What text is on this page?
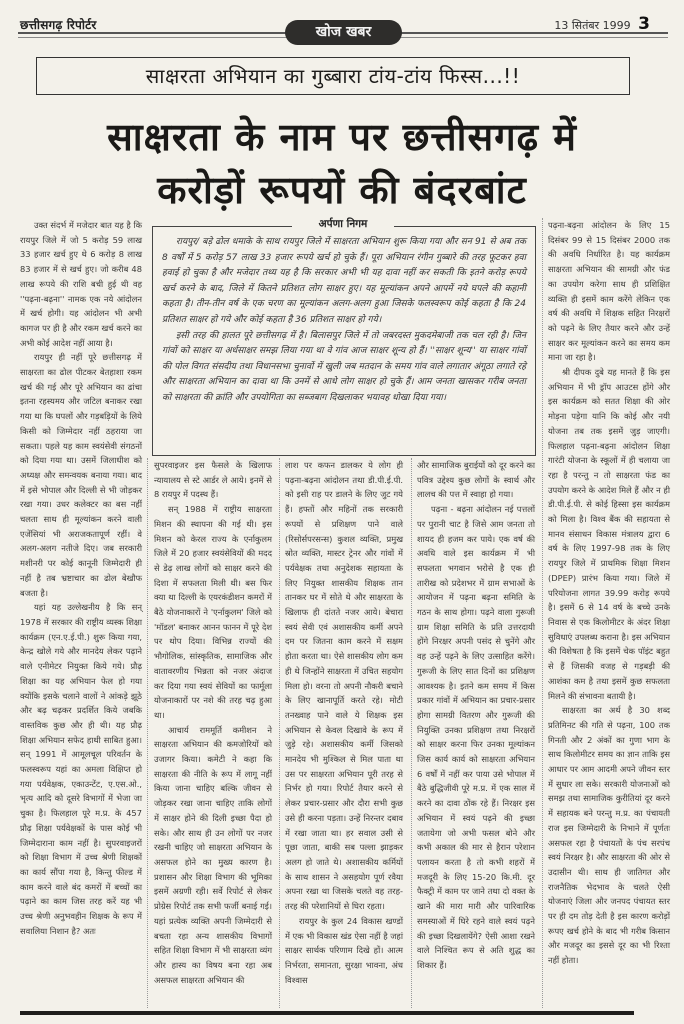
छत्तीसगढ़ रिपोर्टर	खोज खबर	13 सितंबर 1999 3
साक्षरता अभियान का गुब्बारा टांय-टांय फिस्स...!!
साक्षरता के नाम पर छत्तीसगढ़ में
करोड़ों रूपयों की बंदरबांट
अर्पणा निगम

रायपुर/ बड़े ढोल धमाके के साथ रायपुर जिले में साक्षरता अभियान शुरू किया गया और सन 91 से अब तक 8 वर्षों में 5 करोड़ 57 लाख 33 हजार रूपये खर्च हो चुके हैं। पूरा अभियान रंगीन गुब्बारे की तरह फूटकर हवा हवाई हो चुका है और मजेदार तथ्य यह है कि सरकार अभी भी यह दावा नहीं कर सकती कि इतने करोड़ रूपये खर्च करने के बाद, जिले में कितने प्रतिशत लोग साक्षर हुए। यह मूल्यांकन अपने आपमें नये घपले की कहानी कहता है। तीन-तीन वर्ष के एक चरण का मूल्यांकन अलग-अलग हुआ जिसके फलस्वरूप कोई कहता है कि 24 प्रतिशत साक्षर हो गये और कोई कहता है 36 प्रतिशत साक्षर हो गये।

इसी तरह की हालत पूरे छत्तीसगढ़ में है। बिलासपुर जिले में तो जबरदस्त मुकदमेबाजी तक चल रही है। जिन गांवों को साक्षर या अर्धसाक्षर समझ लिया गया था वे गांव आज साक्षर शून्य हो हैं। ''साक्षर शून्य'' या साक्षर गांवों की पोल विगत संसदीय तथा विधानसभा चुनावों में खुली जब मतदान के समय गांव वाले लगातार अंगूठा लगाते रहे और साक्षरता अभियान का दावा था कि उनमें से आधे लोग साक्षर हो चुके हैं। आम जनता खासकर गरीब जनता को साक्षरता की क्रांति और उपयोगिता का सब्जबाग दिखलाकर भयावह धोखा दिया गया।

उक्त संदर्भ में मजेदार बात यह है कि रायपुर जिले में जो 5 करोड़ 59 लाख 33 हजार खर्च हुए थे 6 करोड़ 8 लाख 83 हजार में से खर्च हुए। जो करीब 48 लाख रूपये की राशि बची हुई थी वह ''पढ़ना-बढ़ना'' नामक एक नये आंदोलन में खर्च होगी। यह आंदोलन भी अभी कागज पर ही है और रकम खर्च करने का अभी कोई आदेश नहीं आया है।

रायपुर ही नहीं पूरे छत्तीसगढ़ में साक्षरता का ढोल पीटकर बेतहाशा रकम खर्च की गई और पूरे अभियान का ढांचा इतना रहस्यमय और जटिल बनाकर रखा गया था कि घपलों और गड़बड़ियों के लिये किसी को जिम्मेदार नहीं ठहराया जा सकता। पहले यह काम स्वयंसेवी संगठनों को दिया गया था। उसमें जिलाधीश को अध्यक्ष और समन्वयक बनाया गया। बाद में इसे भोपाल और दिल्ली से भी जोड़कर रखा गया। उधर कलेक्टर का बस नहीं चलता साथ ही मूल्यांकन करने वाली एजेंसियां भी अराजकतापूर्ण रहीं। वे अलग-अलग नतीजे दिए। जब सरकारी मशीनरी पर कोई कानूनी जिम्मेदारी ही नहीं है तब भ्रष्टाचार का ढोल बेखौफ बजता है।

यहां यह उल्लेखनीय है कि सन् 1978 में सरकार की राष्ट्रीय व्यस्क शिक्षा कार्यक्रम (एन.ए.ई.पी.) शुरू किया गया, केन्द्र खोले गये और मानदेय लेकर पढ़ाने वाले एनीमेटर नियुक्त किये गये। प्रौढ़ शिक्षा का यह अभियान फेल हो गया क्योंकि इसके चलाने वालों ने आंकड़े झूठे और बढ़ चढ़कर प्रदर्शित किये जबकि वास्तविक कुछ और ही थी। यह प्रौढ़ शिक्षा अभियान सफेद हाथी साबित हुआ। सन् 1991 में आमूलचूल परिवर्तन के फलस्वरूप यहां का अमला विक्षिप्त हो गया पर्यवेक्षक, एकाउन्टेंट, ए.एस.ओ., भृत्य आदि को दूसरे विभागों में भेजा जा चुका है। फिलहाल पूरे म.प्र. के 457 प्रौढ़ शिक्षा पर्यवेक्षकों के पास कोई भी जिम्मेदाराना काम नहीं है। सुपरवाइजरों को शिक्षा विभाग में उच्च श्रेणी शिक्षकों का कार्य सौंपा गया है, किन्तु फील्ड में काम करने वाले बंद कमरों में बच्चों का पढ़ाने का काम जिस तरह करें यह भी उच्च श्रेणी अनुभवहीन शिक्षक के रूप में सवालिया निशान है? अतः

सुपरवाइजर इस फैसले के खिलाफ न्यायालय से स्टे आर्डर ले आये। इनमें से 8 रायपुर में पदस्थ हैं।

सन् 1988 में राष्ट्रीय साक्षरता मिशन की स्थापना की गई थी। इस मिशन को केरल राज्य के एर्नाकुलम जिले में 20 हजार स्वयंसेवियों की मदद से डेढ़ लाख लोगों को साक्षर करने की दिशा में सफलता मिली थी। बस फिर क्या था दिल्ली के एयरकंडीशन कमरों में बैठे योजनाकारों ने 'एर्नाकुलम' जिले को 'मॉडल' बनाकर आनन फानन में पूरे देश पर थोप दिया। विभिन्न राज्यों की भौगोलिक, सांस्कृतिक, सामाजिक और वातावरणीय भिन्नता को नजर अंदाज कर दिया गया स्वयं सेवियों का फार्मूला योजनाकारों पर नशे की तरह चढ़ हुआ था।

आचार्य राममूर्ति कमीशन ने साक्षरता अभियान की कमजोरियों को उजागर किया। कमेटी ने कहा कि साक्षरता की नीति के रूप में लागू नहीं किया जाना चाहिए बल्कि जीवन से जोड़कर रखा जाना चाहिए ताकि लोगों में साक्षर होने की दिली इच्छा पैदा हो सके। और साथ ही उन लोगों पर नजर रखनी चाहिए जो साक्षरता अभियान के असफल होने का मुख्य कारण है। प्रशासन और शिक्षा विभाग की भूमिका इसमें अग्रणी रही। सर्वे रिपोर्ट से लेकर प्रोग्रेस रिपोर्ट तक सभी फर्जी बनाई गई। यहां प्रत्येक व्यक्ति अपनी जिम्मेदारी से बचता रहा अन्य शासकीय विभागों सहित शिक्षा विभाग में भी साक्षरता व्यंग और हास्य का विषय बना रहा अब असफल साक्षरता अभियान की

लाश पर कफन डालकर ये लोग ही पढ़ना-बढ़ना आंदोलन तथा डी.पी.ई.पी. को इसी राह पर डालने के लिए जुट गये हैं। हफ्तों और महिनों तक सरकारी रूपयों से प्रशिक्षण पाने वाले (रिसोर्सपरसन्स) कुशल व्यक्ति, प्रमुख स्रोत व्यक्ति, मास्टर ट्रेनर और गांवों में पर्यवेक्षक तथा अनुदेशक सहायता के लिए नियुक्त शासकीय शिक्षक तान तानकर घर में सोते थे और साक्षरता के खिलाफ ही दांतते नजर आये। बेचारा स्वयं सेवी एवं अशासकीय कर्मी अपने दम पर जितना काम करने में सक्षम होता करता था। ऐसे शासकीय लोग कम ही थे जिन्होंने साक्षरता में उचित सहयोग मिला हो। वरना तो अपनी नौकरी बचाने के लिए खानापूर्ति करते रहे। मोटी तनख्वाह पाने वाले ये शिक्षक इस अभियान से केवल दिखावे के रूप में जुड़े रहे। अशासकीय कर्मी जिसको मानदेय भी मुश्किल से मिल पाता था उस पर साक्षरता अभियान पूरी तरह से निर्भर हो गया। रिपोर्ट तैयार करने से लेकर प्रचार-प्रसार और दौरा सभी कुछ उसे ही करना पड़ता। उन्हें निरन्तर दबाव में रखा जाता था। हर सवाल उसी से पूछा जाता, बाकी सब पल्ला झाड़कर अलग हो जाते थे। अशासकीय कर्मियों के साथ शासन ने असहयोग पूर्ण रवैया अपना रखा था जिसके चलते वह तरह-तरह की परेशानियों से घिरा रहता।

रायपुर के कुल 24 विकास खण्डों में एक भी विकास खंड ऐसा नहीं है जहां साक्षर सार्थक परिणाम दिखे हों। आत्म निर्भरता, समानता, सुरक्षा भावना, अंध विश्वास

और सामाजिक बुराईयों को दूर करने का पवित्र उद्देश्य कुछ लोगों के स्वार्थ और लालच की पत्त में स्वाहा हो गया।

पढ़ना - बढ़ना आंदोलन नई पत्तलों पर पुरानी चाट है जिसे आम जनता तो शायद ही हजम कर पाये। एक वर्ष की अवधि वाले इस कार्यक्रम में भी सफलता भगवान भरोसे है एक ही तारीख को प्रदेशभर में ग्राम सभाओं के आयोजन में पढ़ना बढ़ना समिति के गठन के साथ होगा। पढ़ने वाला गुरूजी ग्राम शिक्षा समिति के प्रति उत्तरदायी होंगे निरक्षर अपनी पसंद से चुनेंगे और वह उन्हें पढ़ने के लिए उत्साहित करेंगे। गुरूजी के लिए सात दिनों का प्रशिक्षण आवश्यक है। इतने कम समय में किस प्रकार गांवों में अभियान का प्रचार-प्रसार होगा सामग्री वितरण और गुरूजी की नियुक्ति उनका प्रशिक्षण तथा निरक्षरों को साक्षर करना फिर उनका मूल्यांकन जिस कार्य कार्य को साक्षरता अभियान 6 वर्षों में नहीं कर पाया उसे भोपाल में बैठे बुद्धिजीवी पूरे म.प्र. में एक साल में करने का दावा ठोंक रहे हैं। निरक्षर इस अभियान में स्वयं पढ़ने की इच्छा जतायेगा जो अभी फसल बोने और कभी अकाल की मार से हैरान परेशान पलायन करता है तो कभी शहरों में मजदूरी के लिए 15-20 कि.मी. दूर फैक्ट्री में काम पर जाने तथा दो वक्त के खाने की मारा मारी और पारिवारिक समस्याओं में घिरे रहने वाले स्वयं पढ़ने की इच्छा दिखलायेंगे? ऐसी आशा रखने वाले निश्चित रूप से अति शुद्ध का शिकार हैं।

पढ़ना-बढ़ना आंदोलन के लिए 15 दिसंबर 99 से 15 दिसंबर 2000 तक की अवधि निर्धारित है। यह कार्यक्रम साक्षरता अभियान की सामग्री और फंड का उपयोग करेगा साथ ही प्रशिक्षित व्यक्ति ही इसमें काम करेंगे लेकिन एक वर्ष की अवधि में शिक्षक सहित निरक्षरों को पढ़ने के लिए तैयार करने और उन्हें साक्षर कर मूल्यांकन करने का समय कम माना जा रहा है।

श्री दीपक दुबे यह मानते हैं कि इस अभियान में भी ड्रॉप आउटस होंगे और इस कार्यक्रम को सतत शिक्षा की ओर मोड़ना पड़ेगा यानि कि कोई और नयी योजना तब तक इसमें जुड़ जाएगी। फिलहाल पढ़ना-बढ़ना आंदोलन शिक्षा गारंटी योजना के स्कूलों में ही चलाया जा रहा है परन्तु न तो साक्षरता फंड का उपयोग करने के आदेश मिले हैं और न ही डी.पी.ई.पी. से कोई हिस्सा इस कार्यक्रम को मिला है। विश्व बैंक की सहायता से मानव संसाधन विकास मंत्रालय द्वारा 6 वर्ष के लिए 1997-98 तक के लिए रायपुर जिले में प्राथमिक शिक्षा मिशन (DPEP) प्रारंभ किया गया। जिले में परियोजना लागत 39.99 करोड़ रूपये है। इसमें 6 से 14 वर्ष के बच्चे उनके निवास से एक किलोमीटर के अंदर शिक्षा सुविधाएं उपलब्ध कराना है। इस अभियान की विशेषता है कि इसमें चेक पॉइंट बहुत से हैं जिसकी वजह से गड़बड़ी की आशंका कम है तथा इसमें कुछ सफलता मिलने की संभावना बतायी है।

साक्षरता का अर्थ है 30 शब्द प्रतिमिनट की गति से पढ़ना, 100 तक गिनती और 2 अंकों का गुणा भाग के साथ किलोमीटर समय का ज्ञान ताकि इस आधार पर आम आदमी अपने जीवन स्तर में सुधार ला सके। सरकारी योजनाओं को समझ तथा सामाजिक कुरीतियां दूर करने में सहायक बने परन्तु म.प्र. का पंचायती राज इस जिम्मेदारी के निभाने में पूर्णतः असफल रहा है पंचायतों के पंच सरपंच स्वयं निरक्षर है। और साक्षरता की ओर से उदासीन थी। साथ ही जातिगत और राजनैतिक भेदभाव के चलते ऐसी योजनाएं जिला और जनपद पंचायत स्तर पर ही दम तोड़ देती है इस कारण करोड़ों रूपए खर्च होने के बाद भी गरीब किसान और मजदूर का इससे दूर का भी रिश्ता नहीं होता।
